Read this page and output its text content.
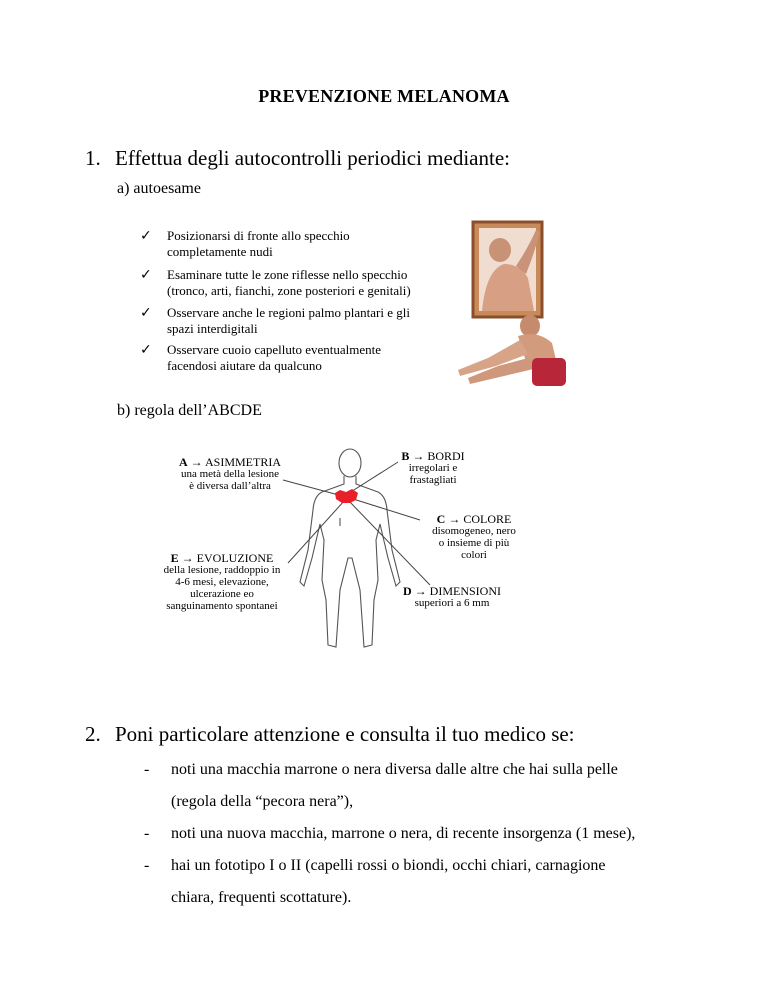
PREVENZIONE MELANOMA
1. Effettua degli autocontrolli periodici mediante:
a) autoesame
✓ Posizionarsi di fronte allo specchio
completamente nudi
✓ Esaminare tutte le zone riflesse nello specchio
(tronco, arti, fianchi, zone posteriori e genitali)
✓ Osservare anche le regioni palmo plantari e gli
spazi interdigitali
✓ Osservare cuoio capelluto eventualmente
facendosi aiutare da qualcuno
b) regola dell’ABCDE
A → ASIMMETRIA
una metà della lesione
è diversa dall’altra
B → BORDI
irregolari e
frastagliati
C → COLORE
disomogeneo, nero
o insieme di più
colori
E → EVOLUZIONE
della lesione, raddoppio in
4-6 mesi, elevazione,
ulcerazione eo
sanguinamento spontanei
D → DIMENSIONI
superiori a 6 mm
2. Poni particolare attenzione e consulta il tuo medico se:
- noti una macchia marrone o nera diversa dalle altre che hai sulla pelle
(regola della “pecora nera”),
- noti una nuova macchia, marrone o nera, di recente insorgenza (1 mese),
- hai un fototipo I o II (capelli rossi o biondi, occhi chiari, carnagione
chiara, frequenti scottature).
